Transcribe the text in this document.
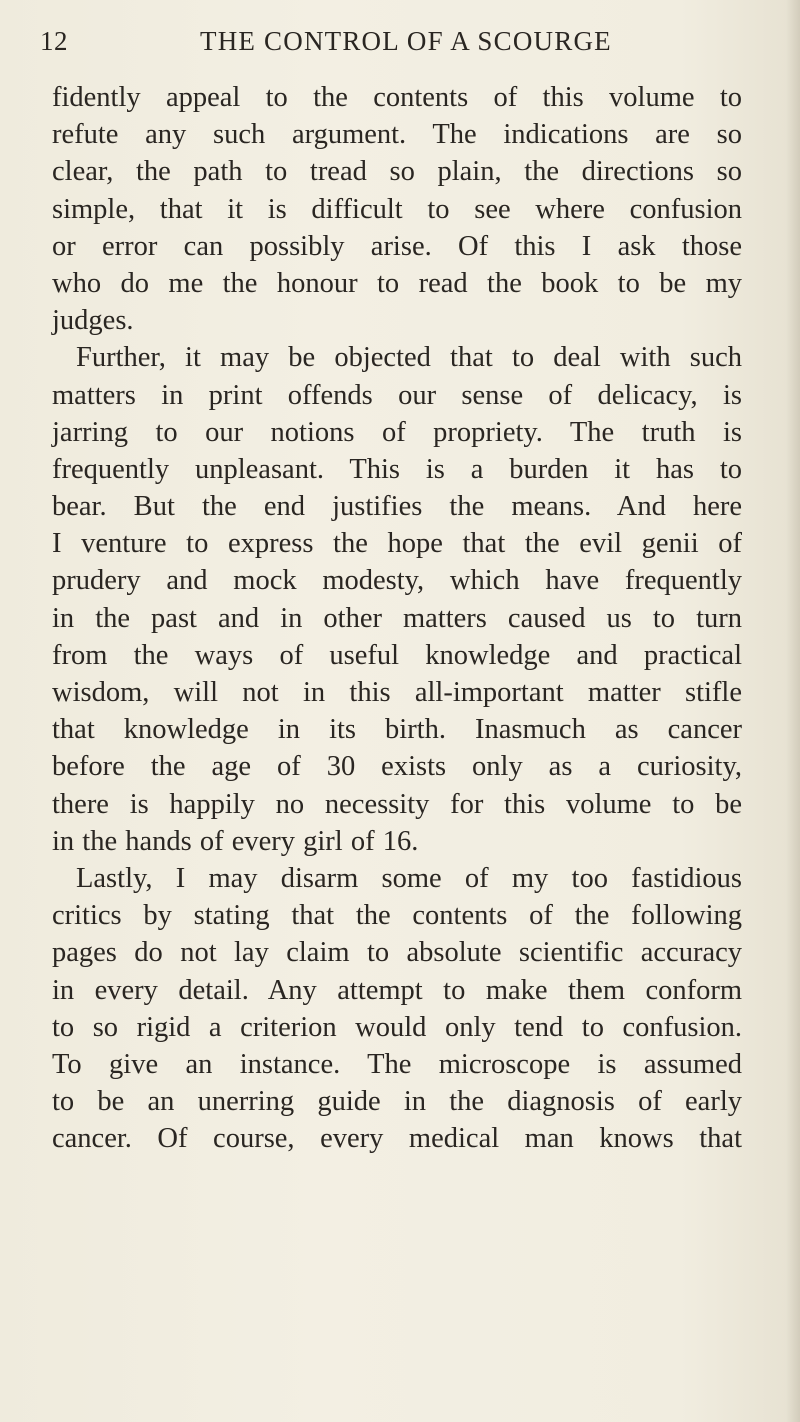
12	THE CONTROL OF A SCOURGE
fidently appeal to the contents of this volume to
refute any such argument. The indications are so
clear, the path to tread so plain, the directions so
simple, that it is difficult to see where confusion
or error can possibly arise. Of this I ask those
who do me the honour to read the book to be my
judges.
Further, it may be objected that to deal with such
matters in print offends our sense of delicacy, is
jarring to our notions of propriety. The truth is
frequently unpleasant. This is a burden it has to
bear. But the end justifies the means. And here
I venture to express the hope that the evil genii of
prudery and mock modesty, which have frequently
in the past and in other matters caused us to turn
from the ways of useful knowledge and practical
wisdom, will not in this all-important matter stifle
that knowledge in its birth. Inasmuch as cancer
before the age of 30 exists only as a curiosity,
there is happily no necessity for this volume to be
in the hands of every girl of 16.
Lastly, I may disarm some of my too fastidious
critics by stating that the contents of the following
pages do not lay claim to absolute scientific accuracy
in every detail. Any attempt to make them conform
to so rigid a criterion would only tend to confusion.
To give an instance. The microscope is assumed
to be an unerring guide in the diagnosis of early
cancer. Of course, every medical man knows that
